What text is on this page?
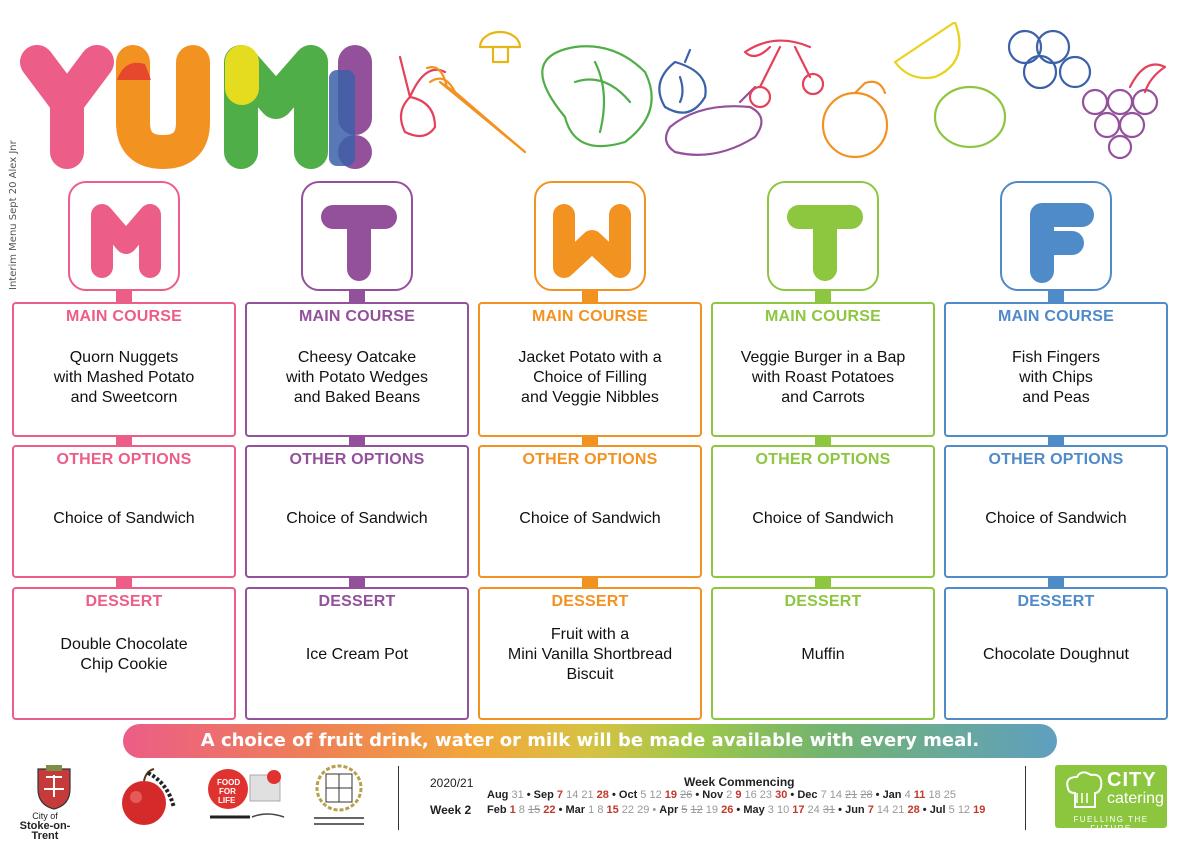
Interim Menu Sept 20 Alex Jnr
MAIN COURSE
Quorn Nuggets
with Mashed Potato
and Sweetcorn
OTHER OPTIONS
Choice of Sandwich
DESSERT
Double Chocolate
Chip Cookie
MAIN COURSE
Cheesy Oatcake
with Potato Wedges
and Baked Beans
OTHER OPTIONS
Choice of Sandwich
DESSERT
Ice Cream Pot
MAIN COURSE
Jacket Potato with a
Choice of Filling
and Veggie Nibbles
OTHER OPTIONS
Choice of Sandwich
DESSERT
Fruit with a
Mini Vanilla Shortbread
Biscuit
MAIN COURSE
Veggie Burger in a Bap
with Roast Potatoes
and Carrots
OTHER OPTIONS
Choice of Sandwich
DESSERT
Muffin
MAIN COURSE
Fish Fingers
with Chips
and Peas
OTHER OPTIONS
Choice of Sandwich
DESSERT
Chocolate Doughnut
A choice of fruit drink, water or milk will be made available with every meal.
City of
Stoke-on-Trent
FOOD
FOR
LIFE
2020/21
Week 2
Week Commencing
Aug 31 • Sep 7 14 21 28 • Oct 5 12 19 26 • Nov 2 9 16 23 30 • Dec 7 14 21 28 • Jan 4 11 18 25
Feb 1 8 15 22 • Mar 1 8 15 22 29 • Apr 5 12 19 26 • May 3 10 17 24 31 • Jun 7 14 21 28 • Jul 5 12 19
CITY
catering
FUELLING THE FUTURE
